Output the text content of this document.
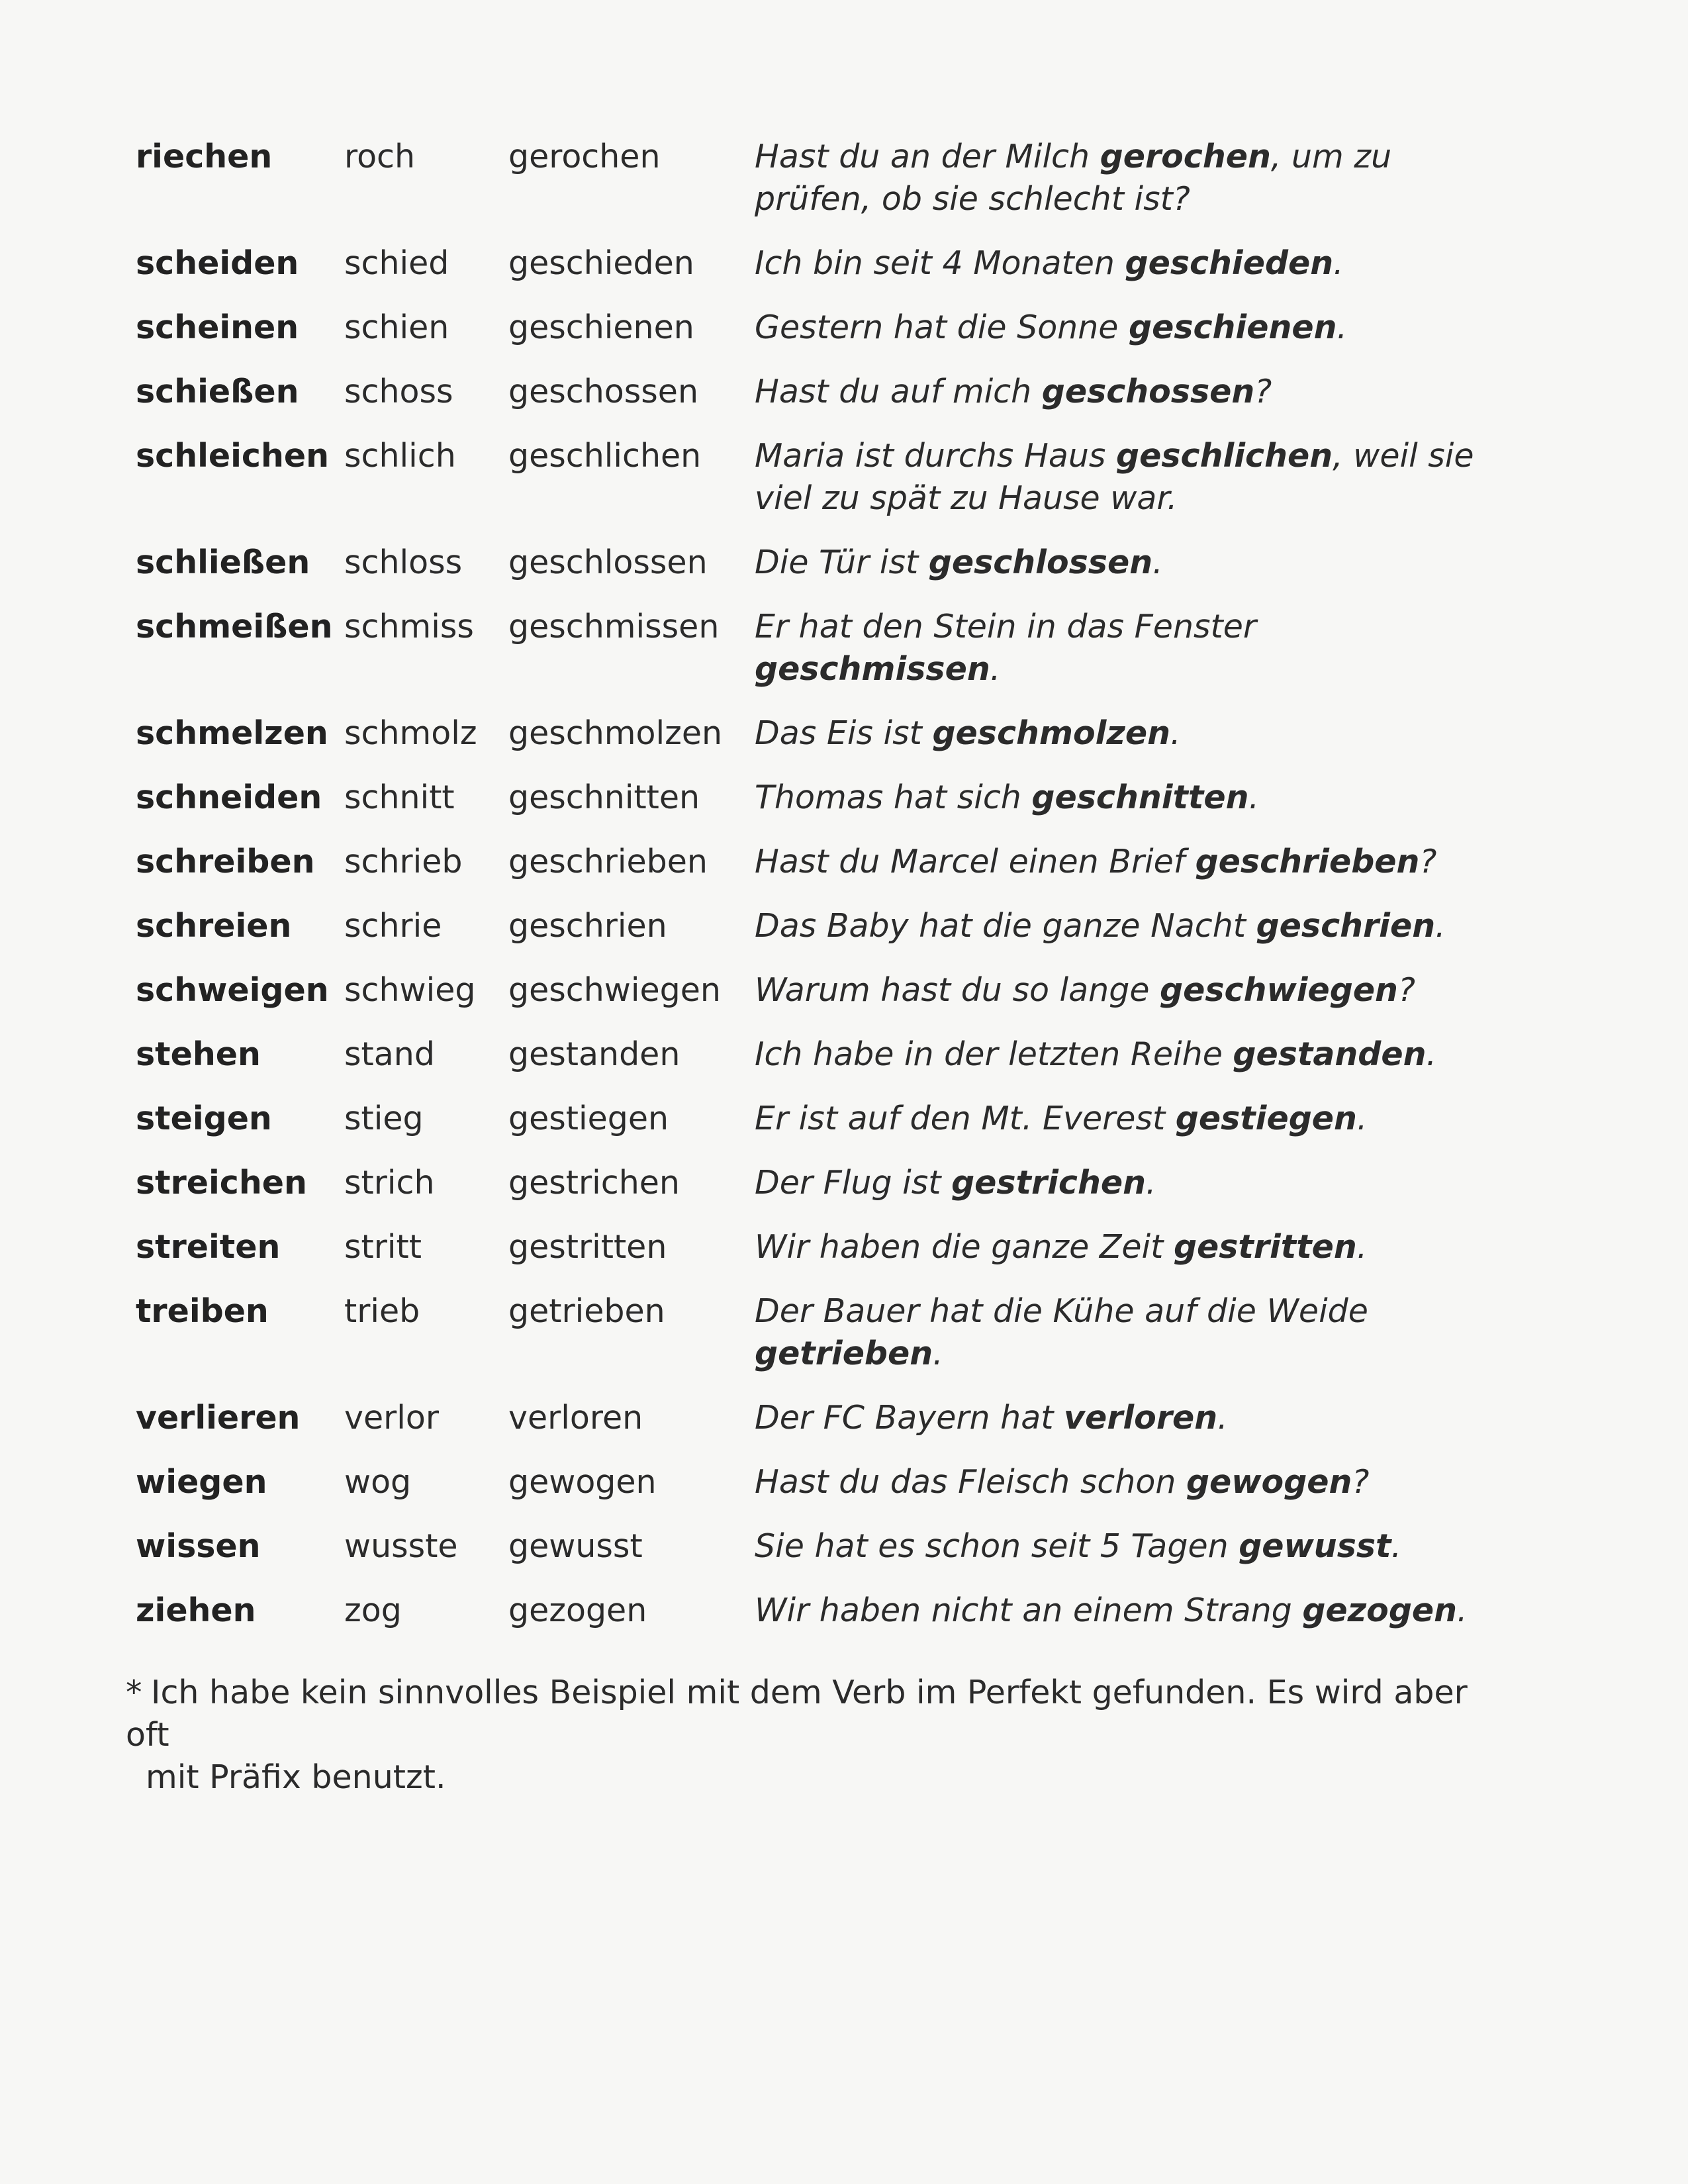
riechen	roch	gerochen	Hast du an der Milch gerochen, um zu prüfen, ob sie schlecht ist?
scheiden	schied	geschieden	Ich bin seit 4 Monaten geschieden.
scheinen	schien	geschienen	Gestern hat die Sonne geschienen.
schießen	schoss	geschossen	Hast du auf mich geschossen?
schleichen	schlich	geschlichen	Maria ist durchs Haus geschlichen, weil sie viel zu spät zu Hause war.
schließen	schloss	geschlossen	Die Tür ist geschlossen.
schmeißen	schmiss	geschmissen	Er hat den Stein in das Fenster geschmissen.
schmelzen	schmolz	geschmolzen	Das Eis ist geschmolzen.
schneiden	schnitt	geschnitten	Thomas hat sich geschnitten.
schreiben	schrieb	geschrieben	Hast du Marcel einen Brief geschrieben?
schreien	schrie	geschrien	Das Baby hat die ganze Nacht geschrien.
schweigen	schwieg	geschwiegen	Warum hast du so lange geschwiegen?
stehen	stand	gestanden	Ich habe in der letzten Reihe gestanden.
steigen	stieg	gestiegen	Er ist auf den Mt. Everest gestiegen.
streichen	strich	gestrichen	Der Flug ist gestrichen.
streiten	stritt	gestritten	Wir haben die ganze Zeit gestritten.
treiben	trieb	getrieben	Der Bauer hat die Kühe auf die Weide getrieben.
verlieren	verlor	verloren	Der FC Bayern hat verloren.
wiegen	wog	gewogen	Hast du das Fleisch schon gewogen?
wissen	wusste	gewusst	Sie hat es schon seit 5 Tagen gewusst.
ziehen	zog	gezogen	Wir haben nicht an einem Strang gezogen.
* Ich habe kein sinnvolles Beispiel mit dem Verb im Perfekt gefunden. Es wird aber oft
mit Präfix benutzt.
